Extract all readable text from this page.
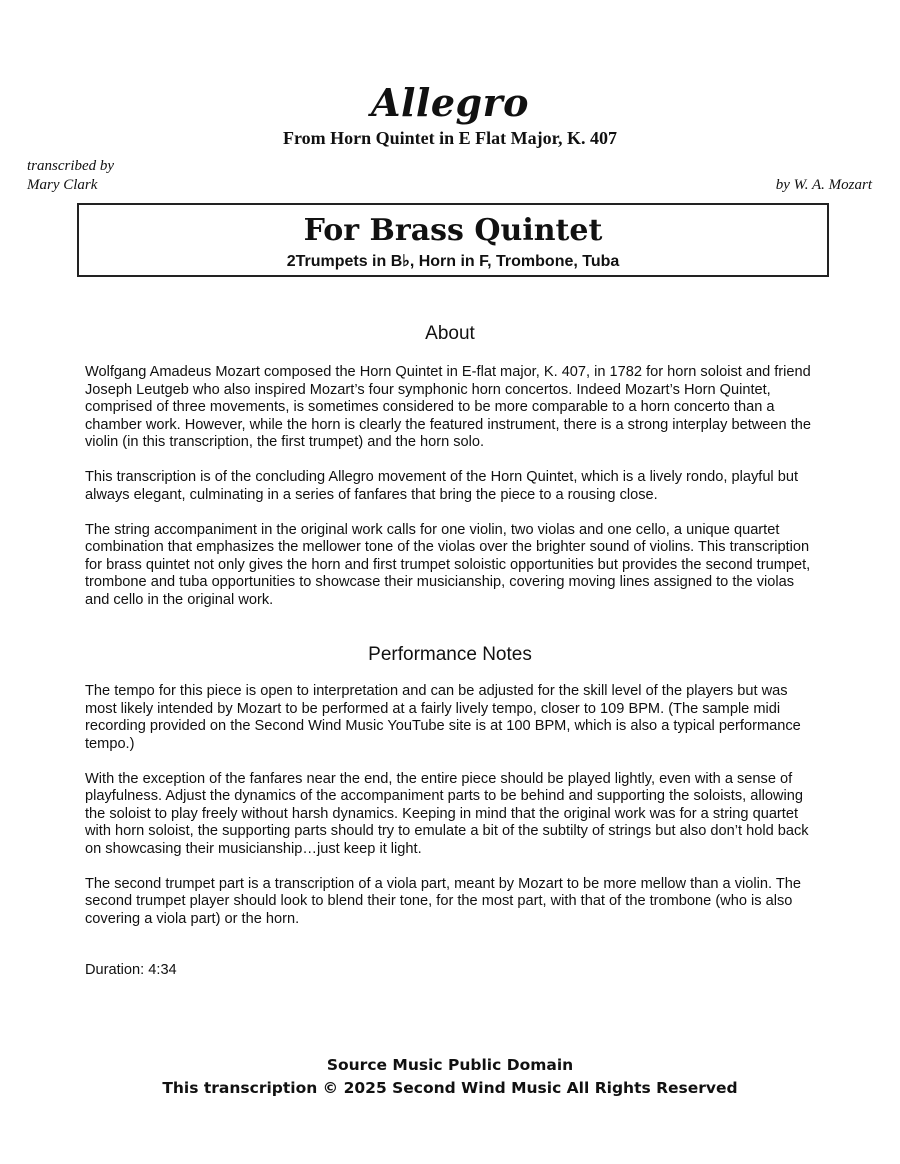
Allegro
From Horn Quintet in E Flat Major, K. 407
transcribed by
Mary Clark	by W. A. Mozart
For Brass Quintet
2Trumpets in B♭, Horn in F, Trombone, Tuba
About

Wolfgang Amadeus Mozart composed the Horn Quintet in E-flat major, K. 407, in 1782 for horn soloist and friend Joseph Leutgeb who also inspired Mozart’s four symphonic horn concertos. Indeed Mozart’s Horn Quintet, comprised of three movements, is sometimes considered to be more comparable to a horn concerto than a chamber work. However, while the horn is clearly the featured instrument, there is a strong interplay between the violin (in this transcription, the first trumpet) and the horn solo.

This transcription is of the concluding Allegro movement of the Horn Quintet, which is a lively rondo, playful but always elegant, culminating in a series of fanfares that bring the piece to a rousing close.

The string accompaniment in the original work calls for one violin, two violas and one cello, a unique quartet combination that emphasizes the mellower tone of the violas over the brighter sound of violins. This transcription for brass quintet not only gives the horn and first trumpet soloistic opportunities but provides the second trumpet, trombone and tuba opportunities to showcase their musicianship, covering moving lines assigned to the violas and cello in the original work.

Performance Notes

The tempo for this piece is open to interpretation and can be adjusted for the skill level of the players but was most likely intended by Mozart to be performed at a fairly lively tempo, closer to 109 BPM. (The sample midi recording provided on the Second Wind Music YouTube site is at 100 BPM, which is also a typical performance tempo.)

With the exception of the fanfares near the end, the entire piece should be played lightly, even with a sense of playfulness. Adjust the dynamics of the accompaniment parts to be behind and supporting the soloists, allowing the soloist to play freely without harsh dynamics. Keeping in mind that the original work was for a string quartet with horn soloist, the supporting parts should try to emulate a bit of the subtilty of strings but also don’t hold back on showcasing their musicianship…just keep it light.

The second trumpet part is a transcription of a viola part, meant by Mozart to be more mellow than a violin. The second trumpet player should look to blend their tone, for the most part, with that of the trombone (who is also covering a viola part) or the horn.

Duration: 4:34
Source Music Public Domain
This transcription © 2025 Second Wind Music All Rights Reserved
